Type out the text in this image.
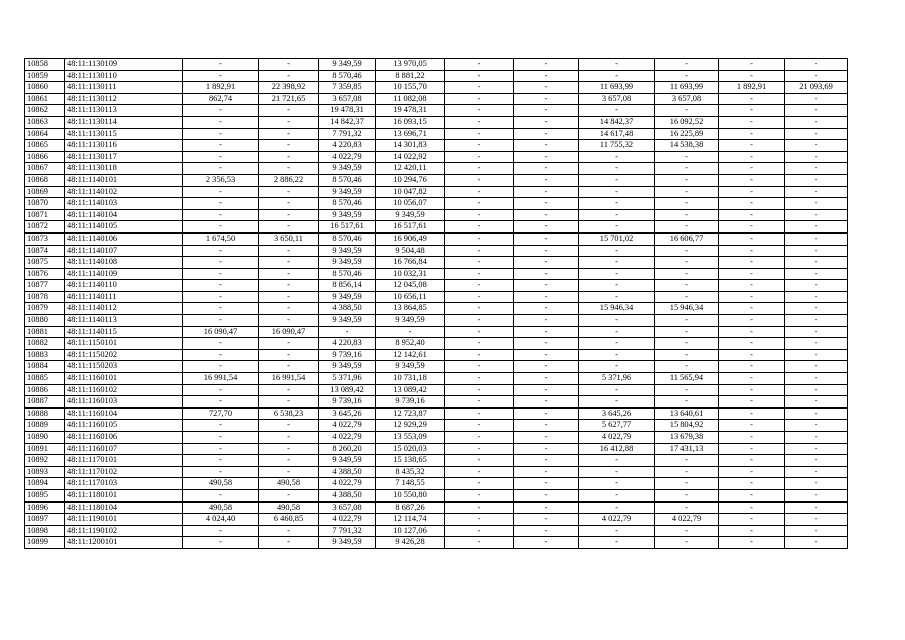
10858	48:11:1130109	-	-	9 349,59	13 970,05	-	-	-	-	-	-
10859	48:11:1130110	-	-	8 570,46	8 881,22	-	-	-	-	-	-
10860	48:11:1130111	1 892,91	22 398,92	7 359,85	10 155,70	-	-	11 693,99	11 693,99	1 892,91	21 093,69
10861	48:11:1130112	862,74	21 721,65	3 657,08	11 082,08	-	-	3 657,08	3 657,08	-	-
10862	48:11:1130113	-	-	19 478,31	19 478,31	-	-	-	-	-	-
10863	48:11:1130114	-	-	14 842,37	16 093,15	-	-	14 842,37	16 092,52	-	-
10864	48:11:1130115	-	-	7 791,32	13 696,71	-	-	14 617,48	16 225,89	-	-
10865	48:11:1130116	-	-	4 220,83	14 301,83	-	-	11 755,32	14 538,38	-	-
10866	48:11:1130117	-	-	4 022,79	14 022,92	-	-	-	-	-	-
10867	48:11:1130118	-	-	9 349,59	12 420,11	-	-	-	-	-	-
10868	48:11:1140101	2 356,53	2 886,22	8 570,46	10 294,76	-	-	-	-	-	-
10869	48:11:1140102	-	-	9 349,59	10 047,82	-	-	-	-	-	-
10870	48:11:1140103	-	-	8 570,46	10 056,07	-	-	-	-	-	-
10871	48:11:1140104	-	-	9 349,59	9 349,59	-	-	-	-	-	-
10872	48:11:1140105	-	-	16 517,61	16 517,61	-	-	-	-	-	-
10873	48:11:1140106	1 674,50	3 650,11	8 570,46	16 906,49	-	-	15 701,02	16 606,77	-	-
10874	48:11:1140107	-	-	9 349,59	9 504,48	-	-	-	-	-	-
10875	48:11:1140108	-	-	9 349,59	16 766,84	-	-	-	-	-	-
10876	48:11:1140109	-	-	8 570,46	10 032,31	-	-	-	-	-	-
10877	48:11:1140110	-	-	8 856,14	12 045,08	-	-	-	-	-	-
10878	48:11:1140111	-	-	9 349,59	10 656,11	-	-	-	-	-	-
10879	48:11:1140112	-	-	4 388,50	13 864,85	-	-	15 946,34	15 946,34	-	-
10880	48:11:1140113	-	-	9 349,59	9 349,59	-	-	-	-	-	-
10881	48:11:1140115	16 090,47	16 090,47	-	-	-	-	-	-	-	-
10882	48:11:1150101	-	-	4 220,83	8 952,40	-	-	-	-	-	-
10883	48:11:1150202	-	-	9 739,16	12 142,61	-	-	-	-	-	-
10884	48:11:1150203	-	-	9 349,59	9 349,59	-	-	-	-	-	-
10885	48:11:1160101	16 991,54	16 991,54	5 371,96	10 731,18	-	-	5 371,96	11 565,94	-	-
10886	48:11:1160102	-	-	13 089,42	13 089,42	-	-	-	-	-	-
10887	48:11:1160103	-	-	9 739,16	9 739,16	-	-	-	-	-	-
10888	48:11:1160104	727,70	6 538,23	3 645,26	12 723,87	-	-	3 645,26	13 640,61	-	-
10889	48:11:1160105	-	-	4 022,79	12 929,29	-	-	5 627,77	15 804,92	-	-
10890	48:11:1160106	-	-	4 022,79	13 553,09	-	-	4 022,79	13 679,38	-	-
10891	48:11:1160107	-	-	8 260,20	15 020,03	-	-	16 412,88	17 431,13	-	-
10892	48:11:1170101	-	-	9 349,59	15 138,65	-	-	-	-	-	-
10893	48:11:1170102	-	-	4 388,50	8 435,32	-	-	-	-	-	-
10894	48:11:1170103	490,58	490,58	4 022,79	7 148,55	-	-	-	-	-	-
10895	48:11:1180101	-	-	4 388,50	10 550,80	-	-	-	-	-	-
10896	48:11:1180104	490,58	490,58	3 657,08	8 687,26	-	-	-	-	-	-
10897	48:11:1190101	4 024,40	6 460,85	4 022,79	12 114,74	-	-	4 022,79	4 022,79	-	-
10898	48:11:1190102	-	-	7 791,32	10 127,06	-	-	-	-	-	-
10899	48:11:1200101	-	-	9 349,59	9 426,28	-	-	-	-	-	-
